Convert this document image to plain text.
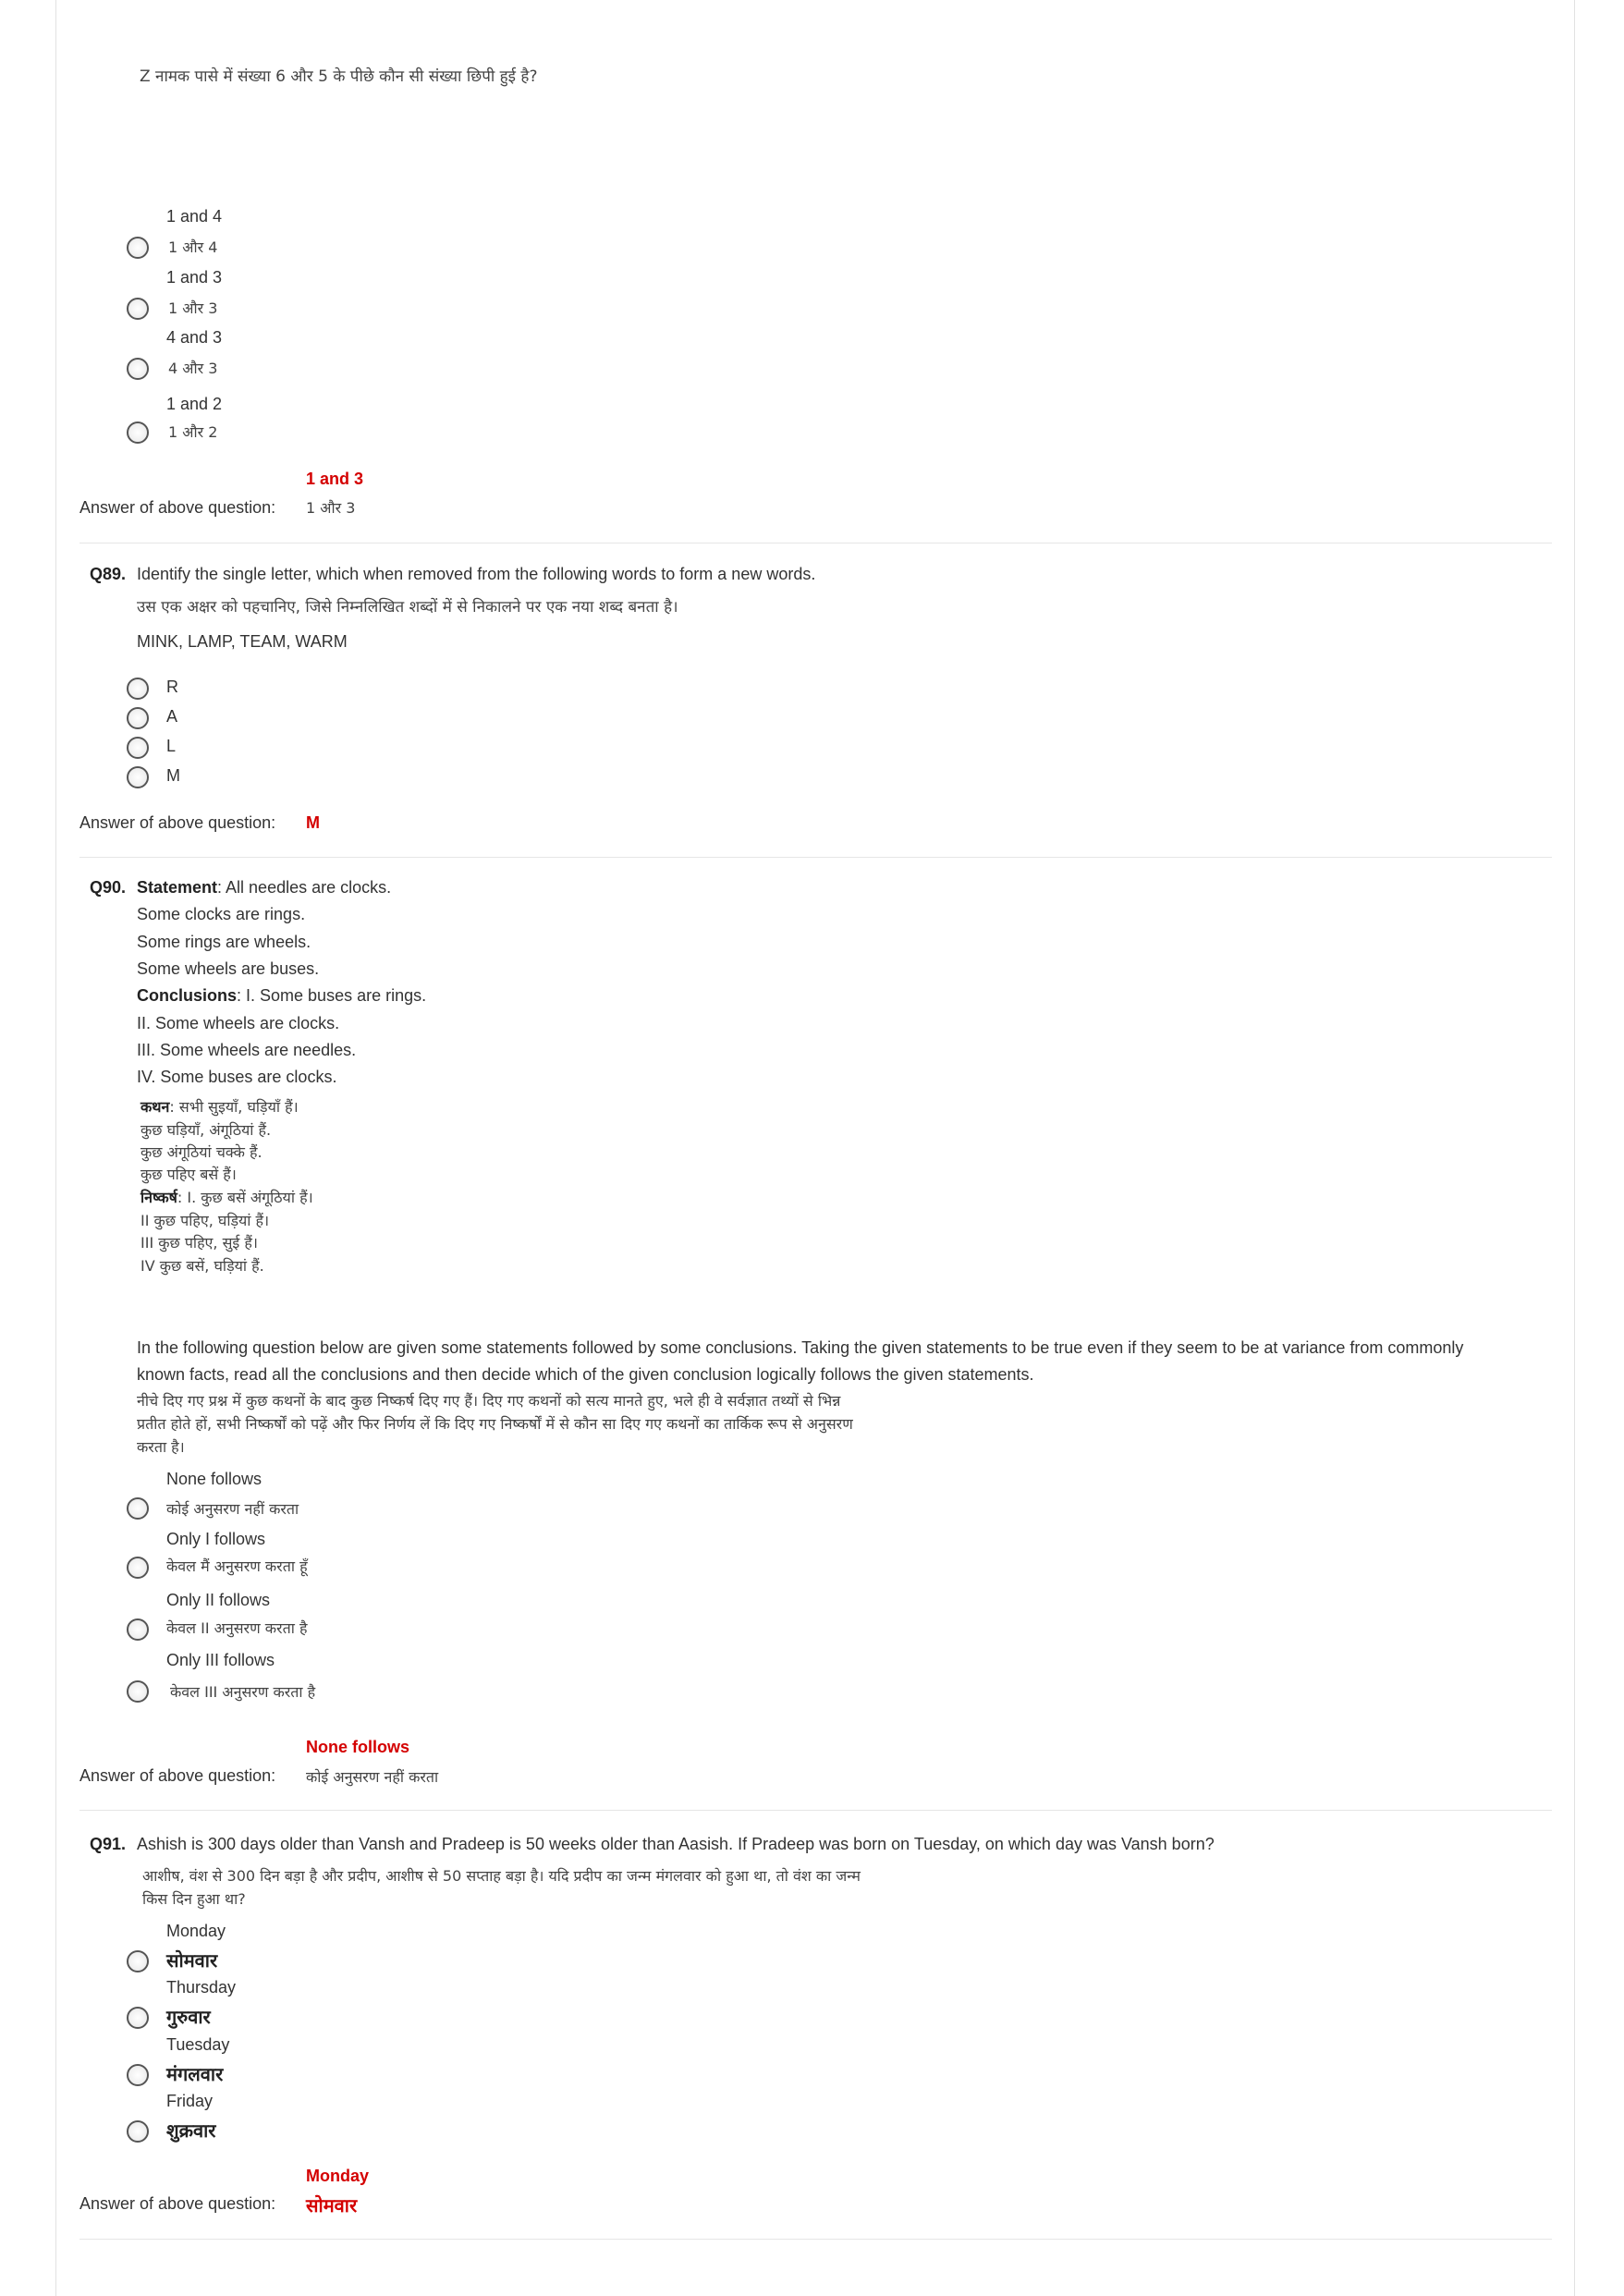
Z नामक पासे में संख्या 6 और 5 के पीछे कौन सी संख्या छिपी हुई है?
1 and 4
1 और 4
1 and 3
1 और 3
4 and 3
4 और 3
1 and 2
1 और 2
1 and 3
Answer of above question: 1 और 3
Q89. Identify the single letter, which when removed from the following words to form a new words.
उस एक अक्षर को पहचानिए, जिसे निम्नलिखित शब्दों में से निकालने पर एक नया शब्द बनता है।
MINK, LAMP, TEAM, WARM
R
A
L
M
Answer of above question: M
Q90. Statement: All needles are clocks.
Some clocks are rings.
Some rings are wheels.
Some wheels are buses.
Conclusions: I. Some buses are rings.
II. Some wheels are clocks.
III. Some wheels are needles.
IV. Some buses are clocks.
कथन: सभी सुइयाँ, घड़ियाँ हैं।
कुछ घड़ियाँ, अंगूठियां हैं.
कुछ अंगूठियां चक्के हैं.
कुछ पहिए बसें हैं।
निष्कर्ष: I. कुछ बसें अंगूठियां हैं।
II कुछ पहिए, घड़ियां हैं।
III कुछ पहिए, सुई हैं।
IV कुछ बसें, घड़ियां हैं.
In the following question below are given some statements followed by some conclusions. Taking the given statements to be true even if they seem to be at variance from commonly known facts, read all the conclusions and then decide which of the given conclusion logically follows the given statements.
नीचे दिए गए प्रश्न में कुछ कथनों के बाद कुछ निष्कर्ष दिए गए हैं। दिए गए कथनों को सत्य मानते हुए, भले ही वे सर्वज्ञात तथ्यों से भिन्न
प्रतीत होते हों, सभी निष्कर्षों को पढ़ें और फिर निर्णय लें कि दिए गए निष्कर्षों में से कौन सा दिए गए कथनों का तार्किक रूप से अनुसरण
करता है।
None follows
कोई अनुसरण नहीं करता
Only I follows
केवल मैं अनुसरण करता हूँ
Only II follows
केवल II अनुसरण करता है
Only III follows
केवल III अनुसरण करता है
None follows
Answer of above question: कोई अनुसरण नहीं करता
Q91. Ashish is 300 days older than Vansh and Pradeep is 50 weeks older than Aasish. If Pradeep was born on Tuesday, on which day was Vansh born?
आशीष, वंश से 300 दिन बड़ा है और प्रदीप, आशीष से 50 सप्ताह बड़ा है। यदि प्रदीप का जन्म मंगलवार को हुआ था, तो वंश का जन्म
किस दिन हुआ था?
Monday
सोमवार
Thursday
गुरुवार
Tuesday
मंगलवार
Friday
शुक्रवार
Monday
Answer of above question: सोमवार
